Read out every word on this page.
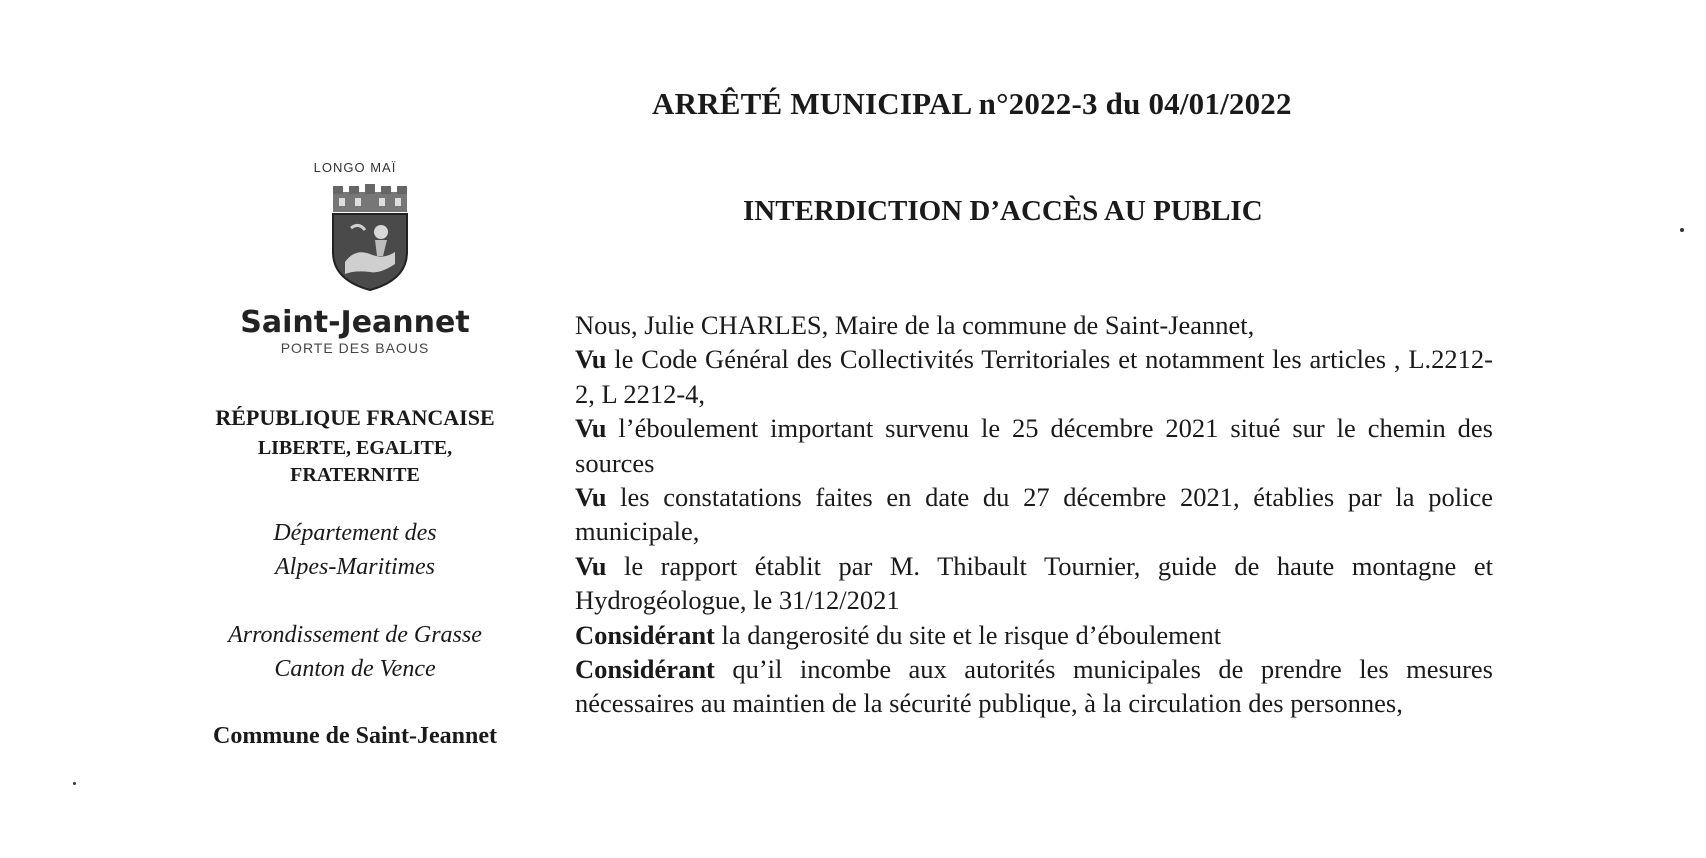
ARRÊTÉ MUNICIPAL n°2022-3 du 04/01/2022
INTERDICTION D’ACCÈS AU PUBLIC
LONGO MAÏ
Saint-Jeannet
PORTE DES BAOUS
RÉPUBLIQUE FRANCAISE
LIBERTE, EGALITE,
FRATERNITE
Département des
Alpes-Maritimes
Arrondissement de Grasse
Canton de Vence
Commune de Saint-Jeannet

Nous, Julie CHARLES, Maire de la commune de Saint-Jeannet,

Vu le Code Général des Collectivités Territoriales et notamment les articles , L.2212-2, L 2212-4,

Vu l’éboulement important survenu le 25 décembre 2021 situé sur le chemin des sources

Vu les constatations faites en date du 27 décembre 2021, établies par la police municipale,

Vu le rapport établit par M. Thibault Tournier, guide de haute montagne et Hydrogéologue, le 31/12/2021

Considérant la dangerosité du site et le risque d’éboulement

Considérant qu’il incombe aux autorités municipales de prendre les mesures nécessaires au maintien de la sécurité publique, à la circulation des personnes,
